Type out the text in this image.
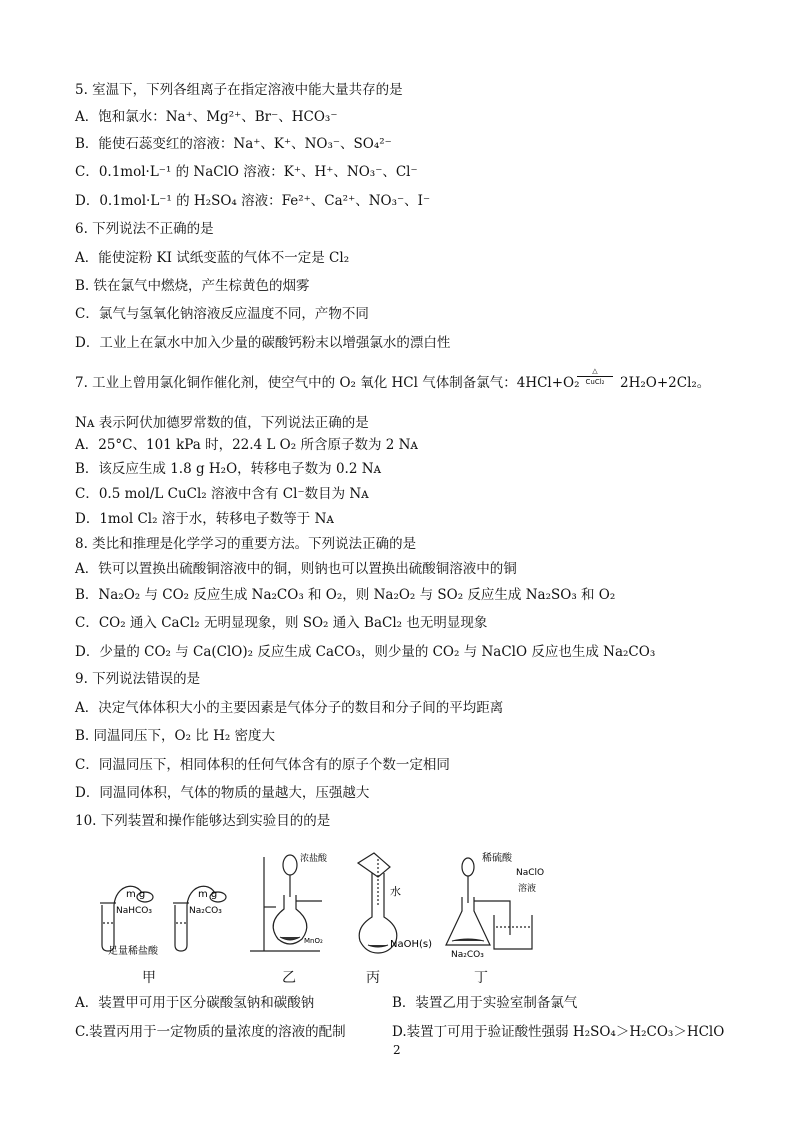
5. 室温下，下列各组离子在指定溶液中能大量共存的是
A．饱和氯水：Na⁺、Mg²⁺、Br⁻、HCO₃⁻
B．能使石蕊变红的溶液：Na⁺、K⁺、NO₃⁻、SO₄²⁻
C．0.1mol·L⁻¹ 的 NaClO 溶液：K⁺、H⁺、NO₃⁻、Cl⁻
D．0.1mol·L⁻¹ 的 H₂SO₄ 溶液：Fe²⁺、Ca²⁺、NO₃⁻、I⁻
6. 下列说法不正确的是
A．能使淀粉 KI 试纸变蓝的气体不一定是 Cl₂
B. 铁在氯气中燃烧，产生棕黄色的烟雾
C．氯气与氢氧化钠溶液反应温度不同，产物不同
D．工业上在氯水中加入少量的碳酸钙粉末以增强氯水的漂白性
7. 工业上曾用氯化铜作催化剂，使空气中的 O₂ 氧化 HCl 气体制备氯气：4HCl+O₂
△
CuCl₂	2H₂O+2Cl₂。
Nᴀ 表示阿伏加德罗常数的值，下列说法正确的是
A．25°C、101 kPa 时，22.4 L O₂ 所含原子数为 2 Nᴀ
B．该反应生成 1.8 g H₂O，转移电子数为 0.2 Nᴀ
C．0.5 mol/L CuCl₂ 溶液中含有 Cl⁻数目为 Nᴀ
D．1mol Cl₂ 溶于水，转移电子数等于 Nᴀ
8. 类比和推理是化学学习的重要方法。下列说法正确的是
A．铁可以置换出硫酸铜溶液中的铜，则钠也可以置换出硫酸铜溶液中的铜
B．Na₂O₂ 与 CO₂ 反应生成 Na₂CO₃ 和 O₂，则 Na₂O₂ 与 SO₂ 反应生成 Na₂SO₃ 和 O₂
C．CO₂ 通入 CaCl₂ 无明显现象，则 SO₂ 通入 BaCl₂ 也无明显现象
D．少量的 CO₂ 与 Ca(ClO)₂ 反应生成 CaCO₃，则少量的 CO₂ 与 NaClO 反应也生成 Na₂CO₃
9. 下列说法错误的是
A．决定气体体积大小的主要因素是气体分子的数目和分子间的平均距离
B. 同温同压下，O₂ 比 H₂ 密度大
C．同温同压下，相同体积的任何气体含有的原子个数一定相同
D．同温同体积，气体的物质的量越大，压强越大
10. 下列装置和操作能够达到实验目的的是
m g
NaHCO₃
m g
Na₂CO₃
足量稀盐酸
浓盐酸
MnO₂
水
NaOH(s)
稀硫酸
NaClO
溶液
Na₂CO₃
甲	乙	丙	丁
A．装置甲可用于区分碳酸氢钠和碳酸钠	B．装置乙用于实验室制备氯气
C.装置丙用于一定物质的量浓度的溶液的配制	D.装置丁可用于验证酸性强弱 H₂SO₄＞H₂CO₃＞HClO
2
